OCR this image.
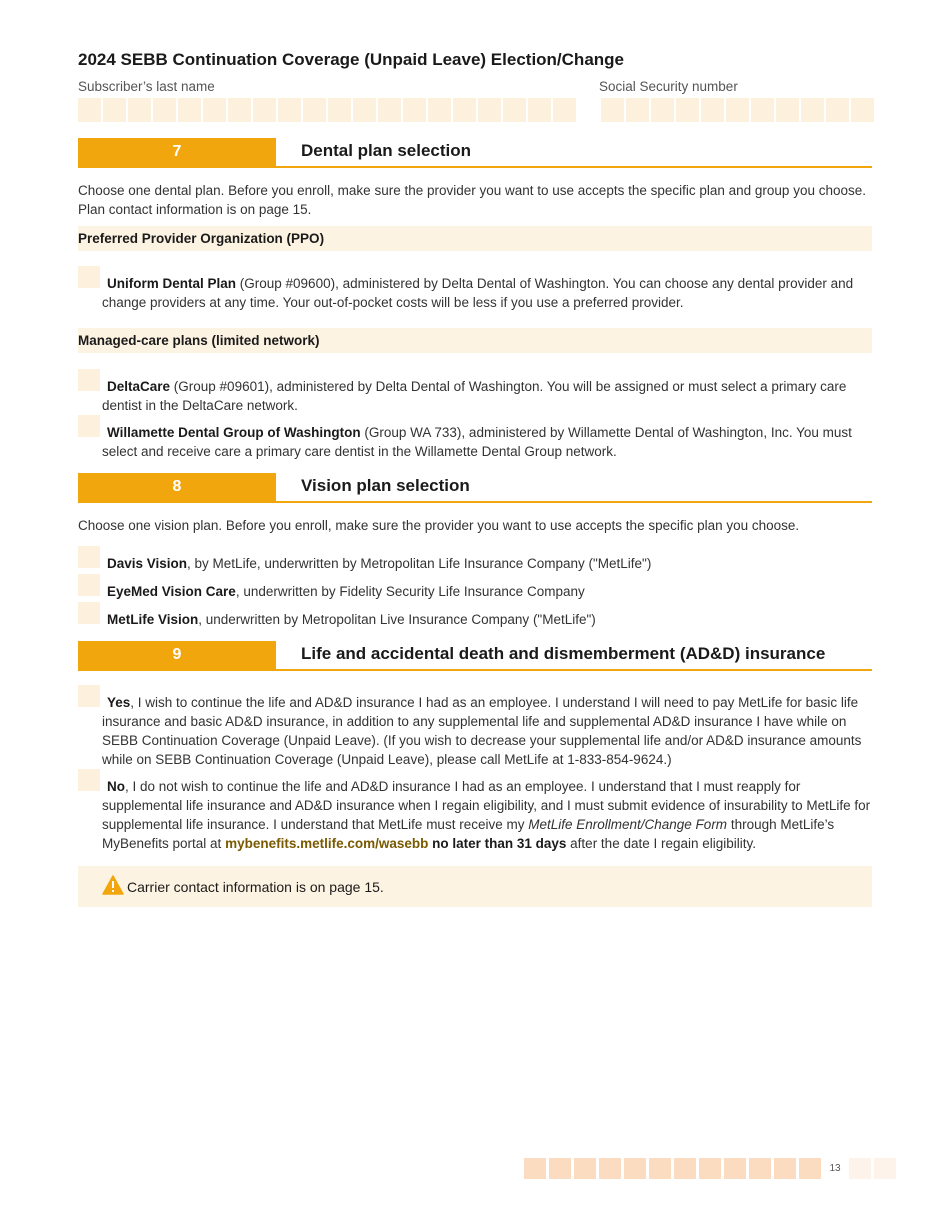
2024 SEBB Continuation Coverage (Unpaid Leave) Election/Change
Subscriber’s last name	Social Security number
7	Dental plan selection
Choose one dental plan. Before you enroll, make sure the provider you want to use accepts the specific plan and group you choose. Plan contact information is on page 15.
Preferred Provider Organization (PPO)
Uniform Dental Plan (Group #09600), administered by Delta Dental of Washington. You can choose any dental provider and change providers at any time. Your out-of-pocket costs will be less if you use a preferred provider.
Managed-care plans (limited network)
DeltaCare (Group #09601), administered by Delta Dental of Washington. You will be assigned or must select a primary care dentist in the DeltaCare network.
Willamette Dental Group of Washington (Group WA 733), administered by Willamette Dental of Washington, Inc. You must select and receive care a primary care dentist in the Willamette Dental Group network.
8	Vision plan selection
Choose one vision plan. Before you enroll, make sure the provider you want to use accepts the specific plan you choose.
Davis Vision, by MetLife, underwritten by Metropolitan Life Insurance Company ("MetLife")
EyeMed Vision Care, underwritten by Fidelity Security Life Insurance Company
MetLife Vision, underwritten by Metropolitan Live Insurance Company ("MetLife")
9	Life and accidental death and dismemberment (AD&D) insurance
Yes, I wish to continue the life and AD&D insurance I had as an employee. I understand I will need to pay MetLife for basic life insurance and basic AD&D insurance, in addition to any supplemental life and supplemental AD&D insurance I have while on SEBB Continuation Coverage (Unpaid Leave). (If you wish to decrease your supplemental life and/or AD&D insurance amounts while on SEBB Continuation Coverage (Unpaid Leave), please call MetLife at 1-833-854-9624.)
No, I do not wish to continue the life and AD&D insurance I had as an employee. I understand that I must reapply for supplemental life insurance and AD&D insurance when I regain eligibility, and I must submit evidence of insurability to MetLife for supplemental life insurance. I understand that MetLife must receive my MetLife Enrollment/Change Form through MetLife’s MyBenefits portal at mybenefits.metlife.com/wasebb no later than 31 days after the date I regain eligibility.
Carrier contact information is on page 15.
13
